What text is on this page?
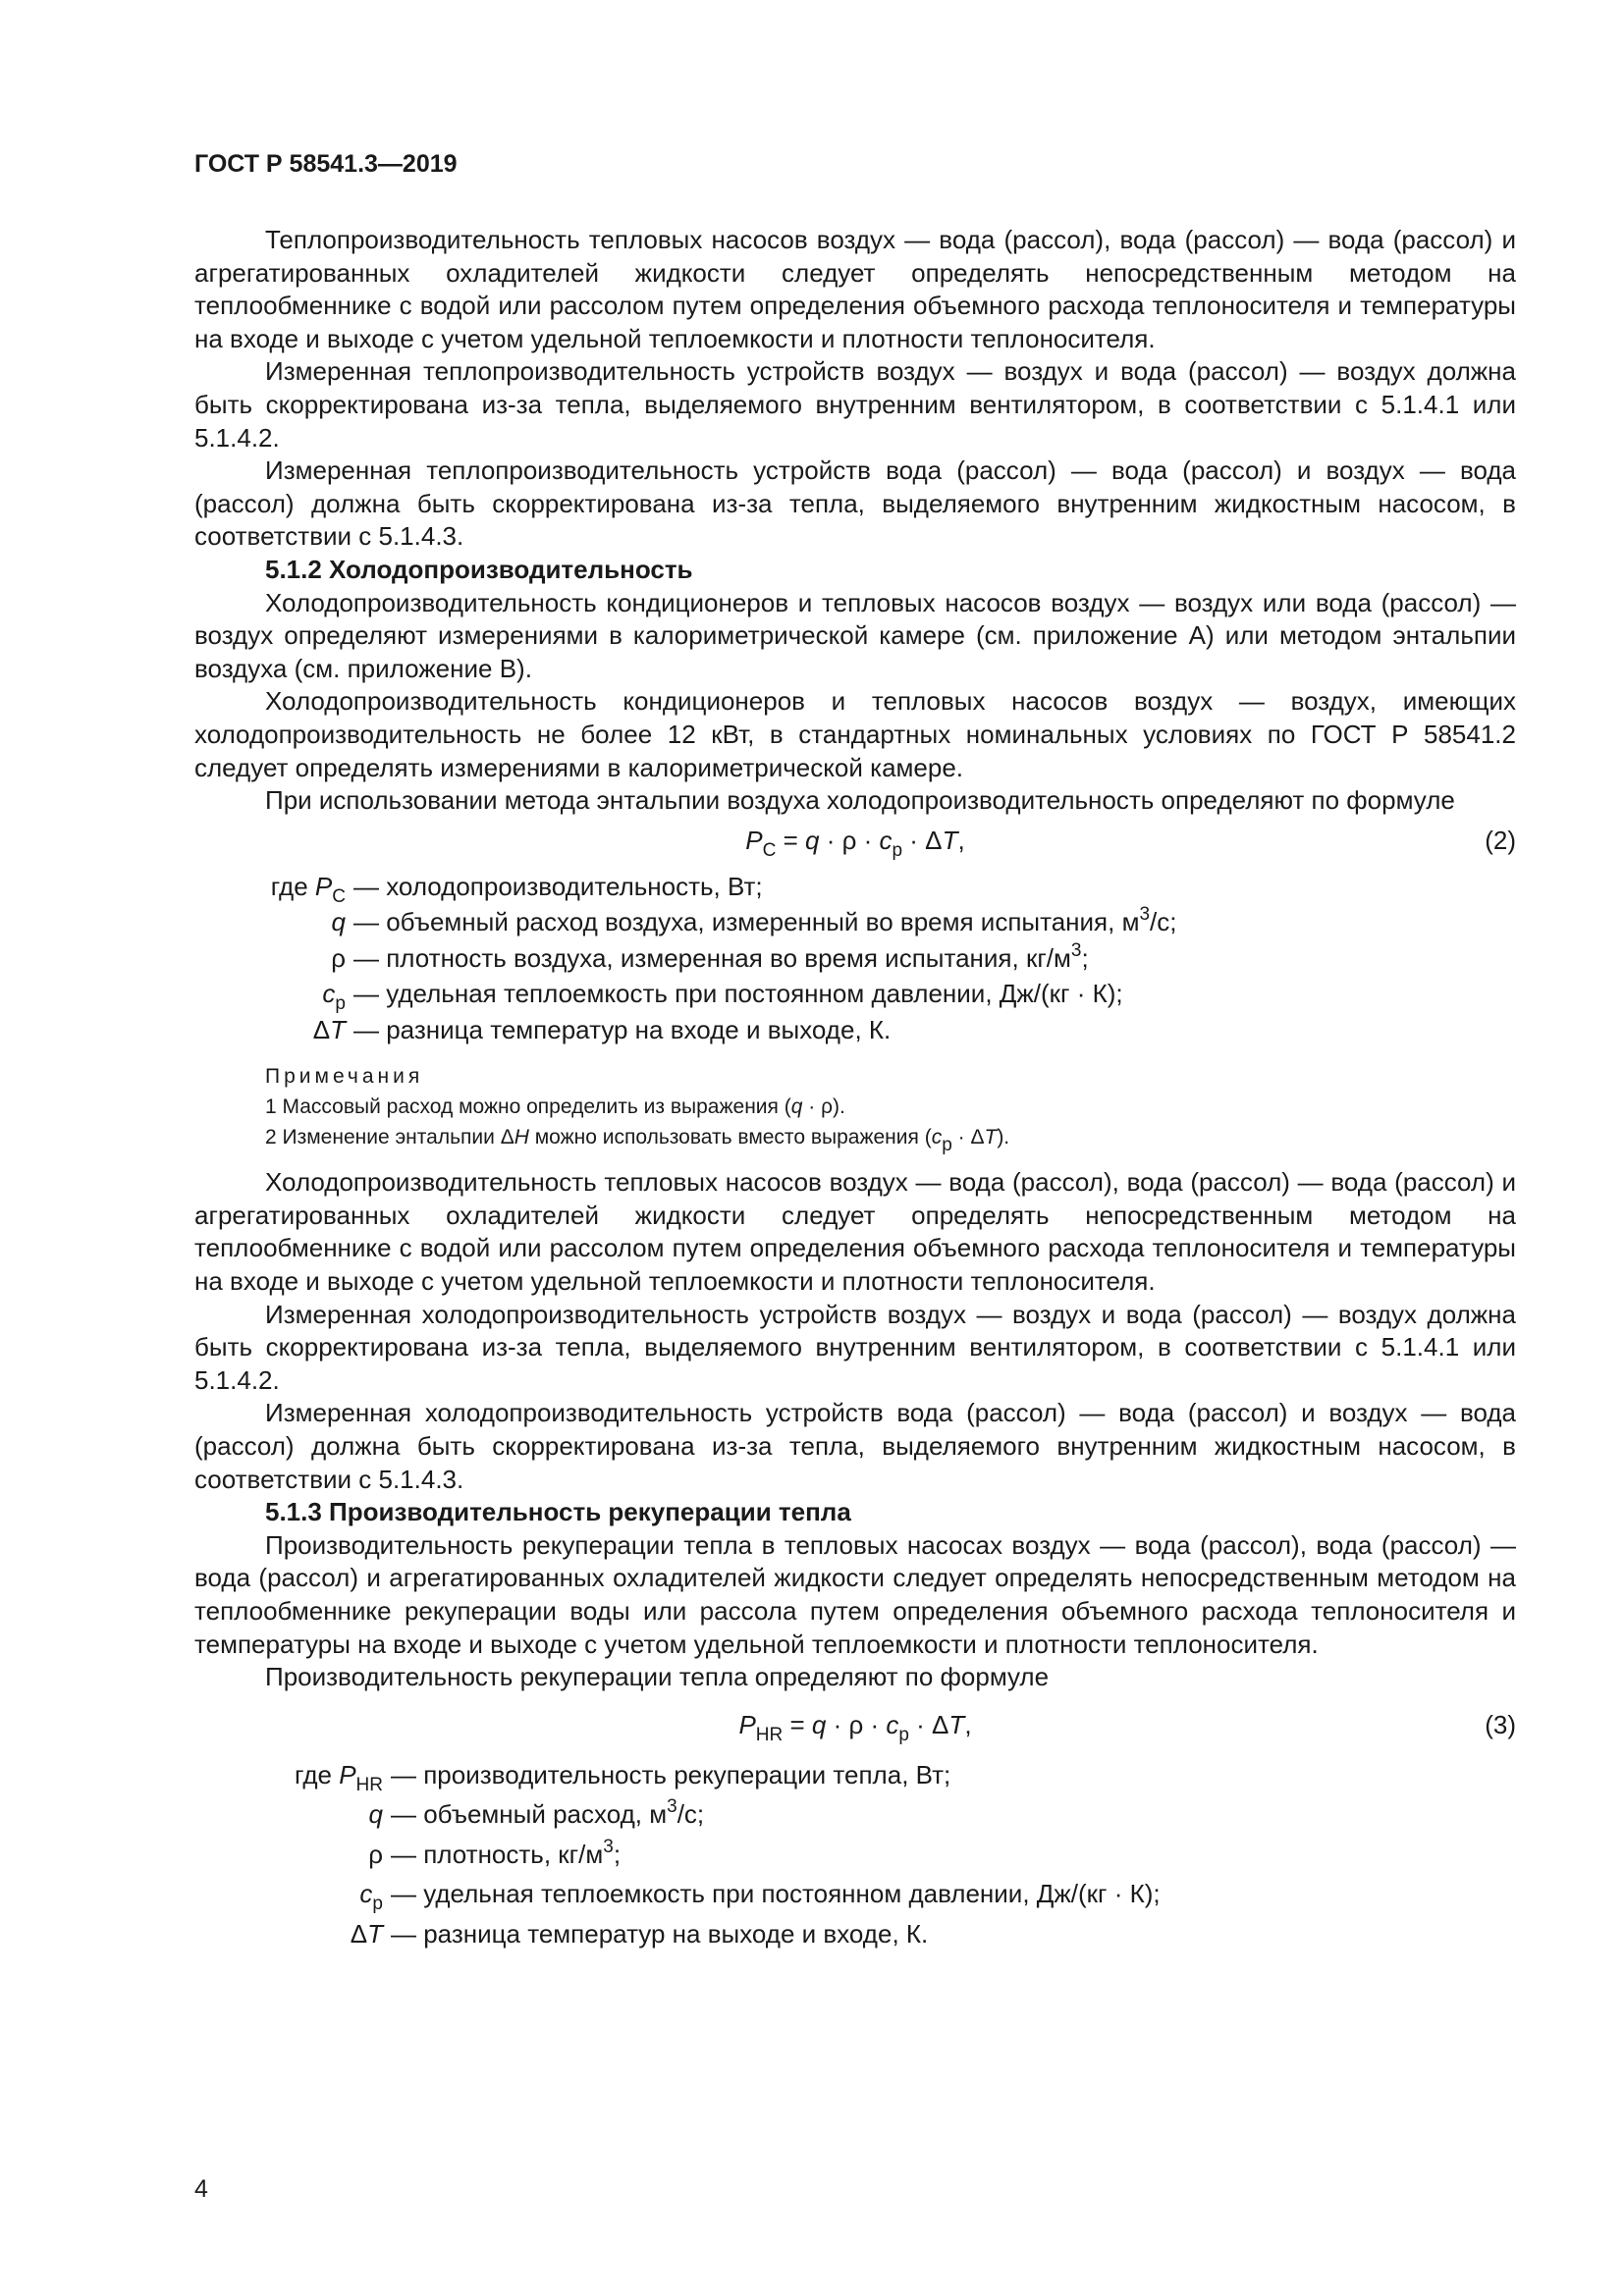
ГОСТ Р 58541.3—2019

Теплопроизводительность тепловых насосов воздух — вода (рассол), вода (рассол) — вода (рассол) и агрегатированных охладителей жидкости следует определять непосредственным методом на теплообменнике с водой или рассолом путем определения объемного расхода теплоносителя и температуры на входе и выходе с учетом удельной теплоемкости и плотности теплоносителя.

Измеренная теплопроизводительность устройств воздух — воздух и вода (рассол) — воздух должна быть скорректирована из-за тепла, выделяемого внутренним вентилятором, в соответствии с 5.1.4.1 или 5.1.4.2.

Измеренная теплопроизводительность устройств вода (рассол) — вода (рассол) и воздух — вода (рассол) должна быть скорректирована из-за тепла, выделяемого внутренним жидкостным насосом, в соответствии с 5.1.4.3.

5.1.2 Холодопроизводительность

Холодопроизводительность кондиционеров и тепловых насосов воздух — воздух или вода (рассол) — воздух определяют измерениями в калориметрической камере (см. приложение А) или методом энтальпии воздуха (см. приложение В).

Холодопроизводительность кондиционеров и тепловых насосов воздух — воздух, имеющих холодопроизводительность не более 12 кВт, в стандартных номинальных условиях по ГОСТ Р 58541.2 следует определять измерениями в калориметрической камере.

При использовании метода энтальпии воздуха холодопроизводительность определяют по формуле

$P_C = q \cdot \rho \cdot c_p \cdot \Delta T$,	(2)
где $P_C$ — холодопроизводительность, Вт;
q — объемный расход воздуха, измеренный во время испытания, $м^3/с$;
ρ — плотность воздуха, измеренная во время испытания, $кг/м^3$;
$c_p$ — удельная теплоемкость при постоянном давлении, Дж/(кг · К);
ΔT — разница температур на входе и выходе, К.
Примечания
1 Массовый расход можно определить из выражения (q · ρ).
2 Изменение энтальпии ΔH можно использовать вместо выражения $(c_p \cdot \Delta T)$.

Холодопроизводительность тепловых насосов воздух — вода (рассол), вода (рассол) — вода (рассол) и агрегатированных охладителей жидкости следует определять непосредственным методом на теплообменнике с водой или рассолом путем определения объемного расхода теплоносителя и температуры на входе и выходе с учетом удельной теплоемкости и плотности теплоносителя.

Измеренная холодопроизводительность устройств воздух — воздух и вода (рассол) — воздух должна быть скорректирована из-за тепла, выделяемого внутренним вентилятором, в соответствии с 5.1.4.1 или 5.1.4.2.

Измеренная холодопроизводительность устройств вода (рассол) — вода (рассол) и воздух — вода (рассол) должна быть скорректирована из-за тепла, выделяемого внутренним жидкостным насосом, в соответствии с 5.1.4.3.

5.1.3 Производительность рекуперации тепла

Производительность рекуперации тепла в тепловых насосах воздух — вода (рассол), вода (рассол) — вода (рассол) и агрегатированных охладителей жидкости следует определять непосредственным методом на теплообменнике рекуперации воды или рассола путем определения объемного расхода теплоносителя и температуры на входе и выходе с учетом удельной теплоемкости и плотности теплоносителя.

Производительность рекуперации тепла определяют по формуле

$P_{HR} = q \cdot \rho \cdot c_p \cdot \Delta T$,	(3)
где $P_{HR}$ — производительность рекуперации тепла, Вт;
q — объемный расход, $м^3/с$;
ρ — плотность, $кг/м^3$;
$c_p$ — удельная теплоемкость при постоянном давлении, Дж/(кг · К);
ΔT — разница температур на выходе и входе, К.
4
